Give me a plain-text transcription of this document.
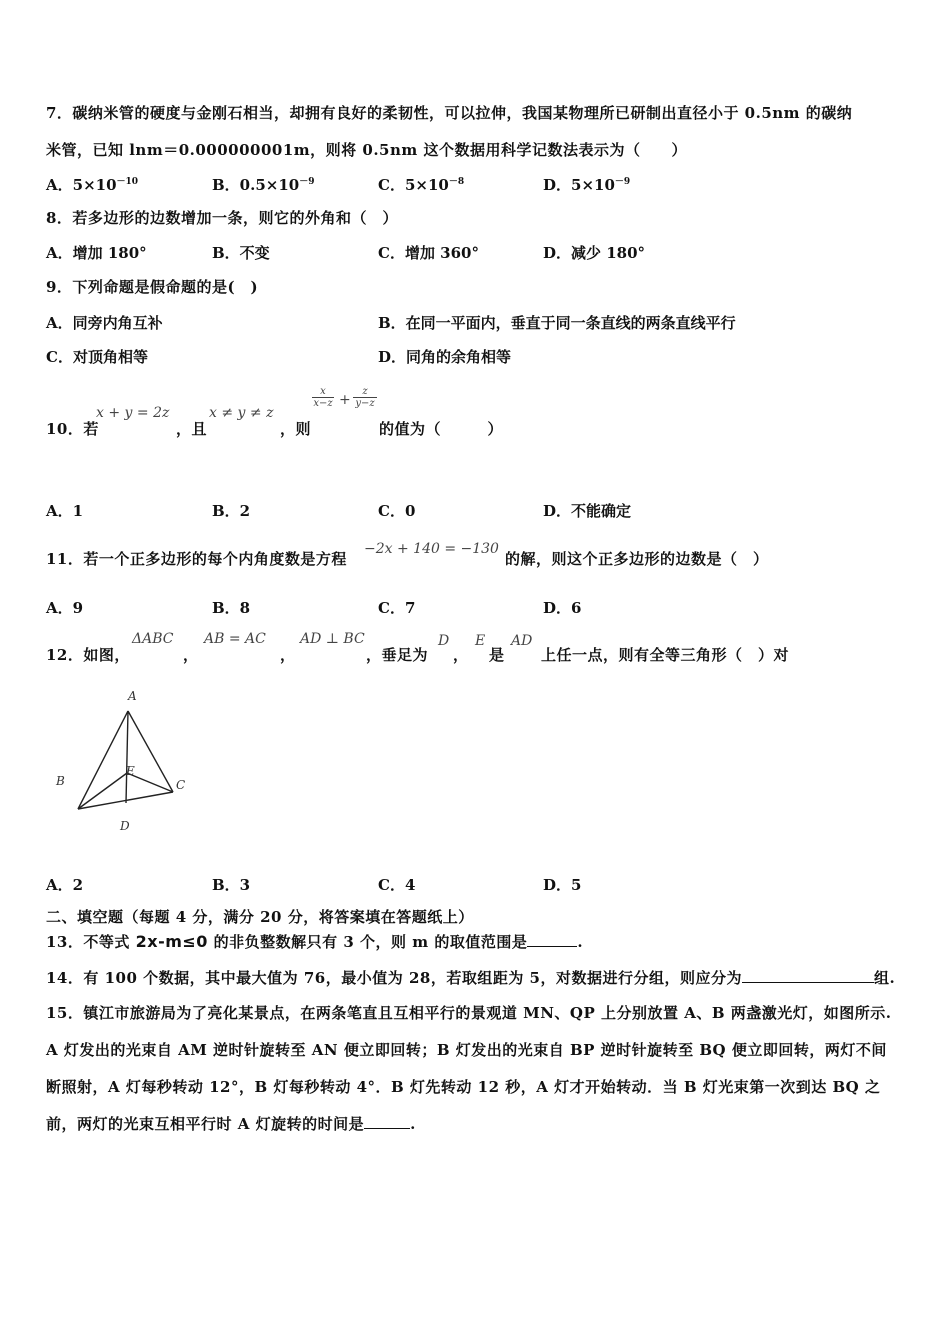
7．碳纳米管的硬度与金刚石相当，却拥有良好的柔韧性，可以拉伸，我国某物理所已研制出直径小于 0.5nm 的碳纳
米管，已知 lnm＝0.000000001m，则将 0.5nm 这个数据用科学记数法表示为（　　）
A．$5\times 10^{-10}$	B．$0.5\times 10^{-9}$	C．$5\times 10^{-8}$	D．$5\times 10^{-9}$
8．若多边形的边数增加一条，则它的外角和（　）
A．增加 180°	B．不变	C．增加 360°	D．减少 180°
9．下列命题是假命题的是(　)
A．同旁内角互补	B．在同一平面内，垂直于同一条直线的两条直线平行
C．对顶角相等	D．同角的余角相等
10．若
x + y = 2z
，且
x ≠ y ≠ z
，则
$\frac{x}{x-z} + \frac{z}{y-z}$
的值为（　　　）
A．1	B．2	C．0	D．不能确定
11．若一个正多边形的每个内角度数是方程
−2x + 140 = −130
的解，则这个正多边形的边数是（　）
A．9	B．8	C．7	D．6
12．如图，
ΔABC
，
AB = AC
，
AD ⊥ BC
，垂足为
D
，
E
是
AD
上任一点，则有全等三角形（　）对
A
B	C
D
E
A．2	B．3	C．4	D．5
二、填空题（每题 4 分，满分 20 分，将答案填在答题纸上）
13．不等式 2x-m≤0 的非负整数解只有 3 个，则 m 的取值范围是	.
14．有 100 个数据，其中最大值为 76，最小值为 28，若取组距为 5，对数据进行分组，则应分为	组.
15．镇江市旅游局为了亮化某景点，在两条笔直且互相平行的景观道 MN、QP 上分别放置 A、B 两盏激光灯，如图所示.
A 灯发出的光束自 AM 逆时针旋转至 AN 便立即回转；B 灯发出的光束自 BP 逆时针旋转至 BQ 便立即回转，两灯不间
断照射，A 灯每秒转动 12°，B 灯每秒转动 4°．B 灯先转动 12 秒，A 灯才开始转动．当 B 灯光束第一次到达 BQ 之
前，两灯的光束互相平行时 A 灯旋转的时间是	.
